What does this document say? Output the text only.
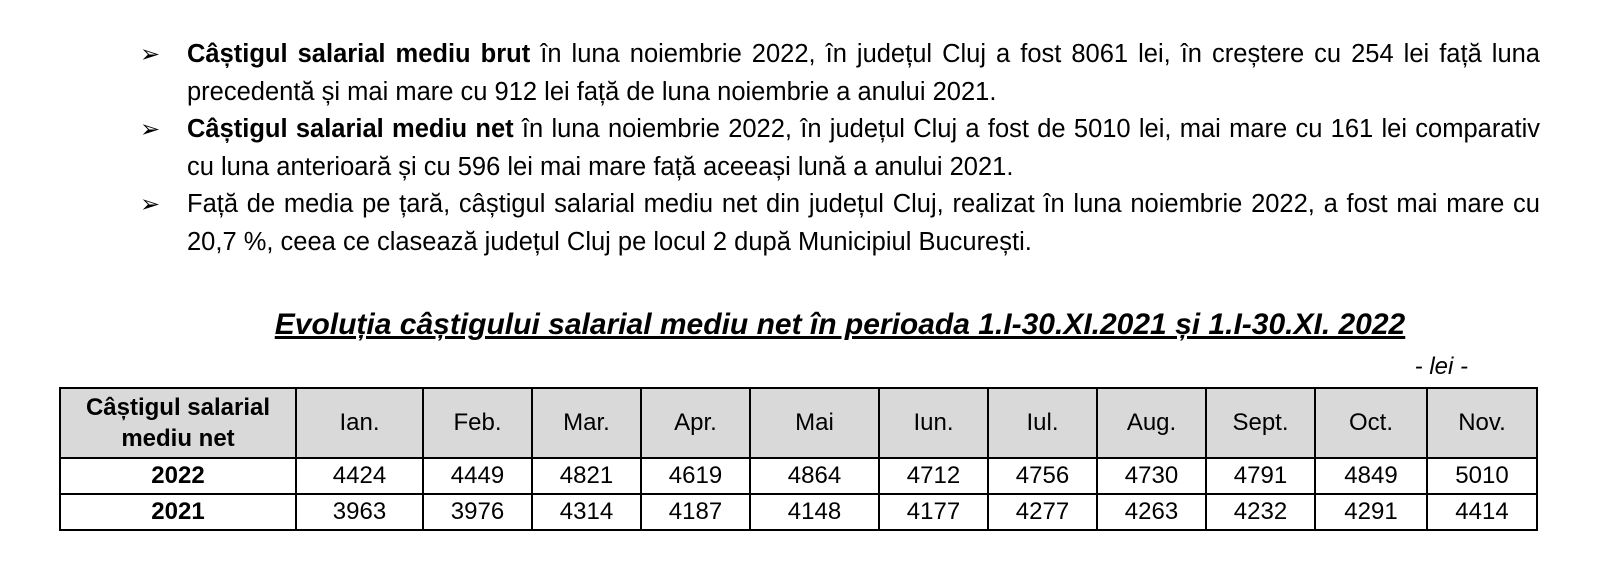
➢ Câștigul salarial mediu brut în luna noiembrie 2022, în județul Cluj a fost 8061 lei, în creștere cu 254 lei față luna precedentă și mai mare cu 912 lei față de luna noiembrie a anului 2021.
➢ Câștigul salarial mediu net în luna noiembrie 2022, în județul Cluj a fost de 5010 lei, mai mare cu 161 lei comparativ cu luna anterioară și cu 596 lei mai mare față aceeași lună a anului 2021.
➢ Față de media pe țară, câștigul salarial mediu net din județul Cluj, realizat în luna noiembrie 2022, a fost mai mare cu 20,7 %, ceea ce clasează județul Cluj pe locul 2 după Municipiul București.
Evoluția câștigului salarial mediu net în perioada 1.I-30.XI.2021 și 1.I-30.XI. 2022
- lei -
Câștigul salarial mediu net	Ian.	Feb.	Mar.	Apr.	Mai	Iun.	Iul.	Aug.	Sept.	Oct.	Nov.
2022	4424	4449	4821	4619	4864	4712	4756	4730	4791	4849	5010
2021	3963	3976	4314	4187	4148	4177	4277	4263	4232	4291	4414
